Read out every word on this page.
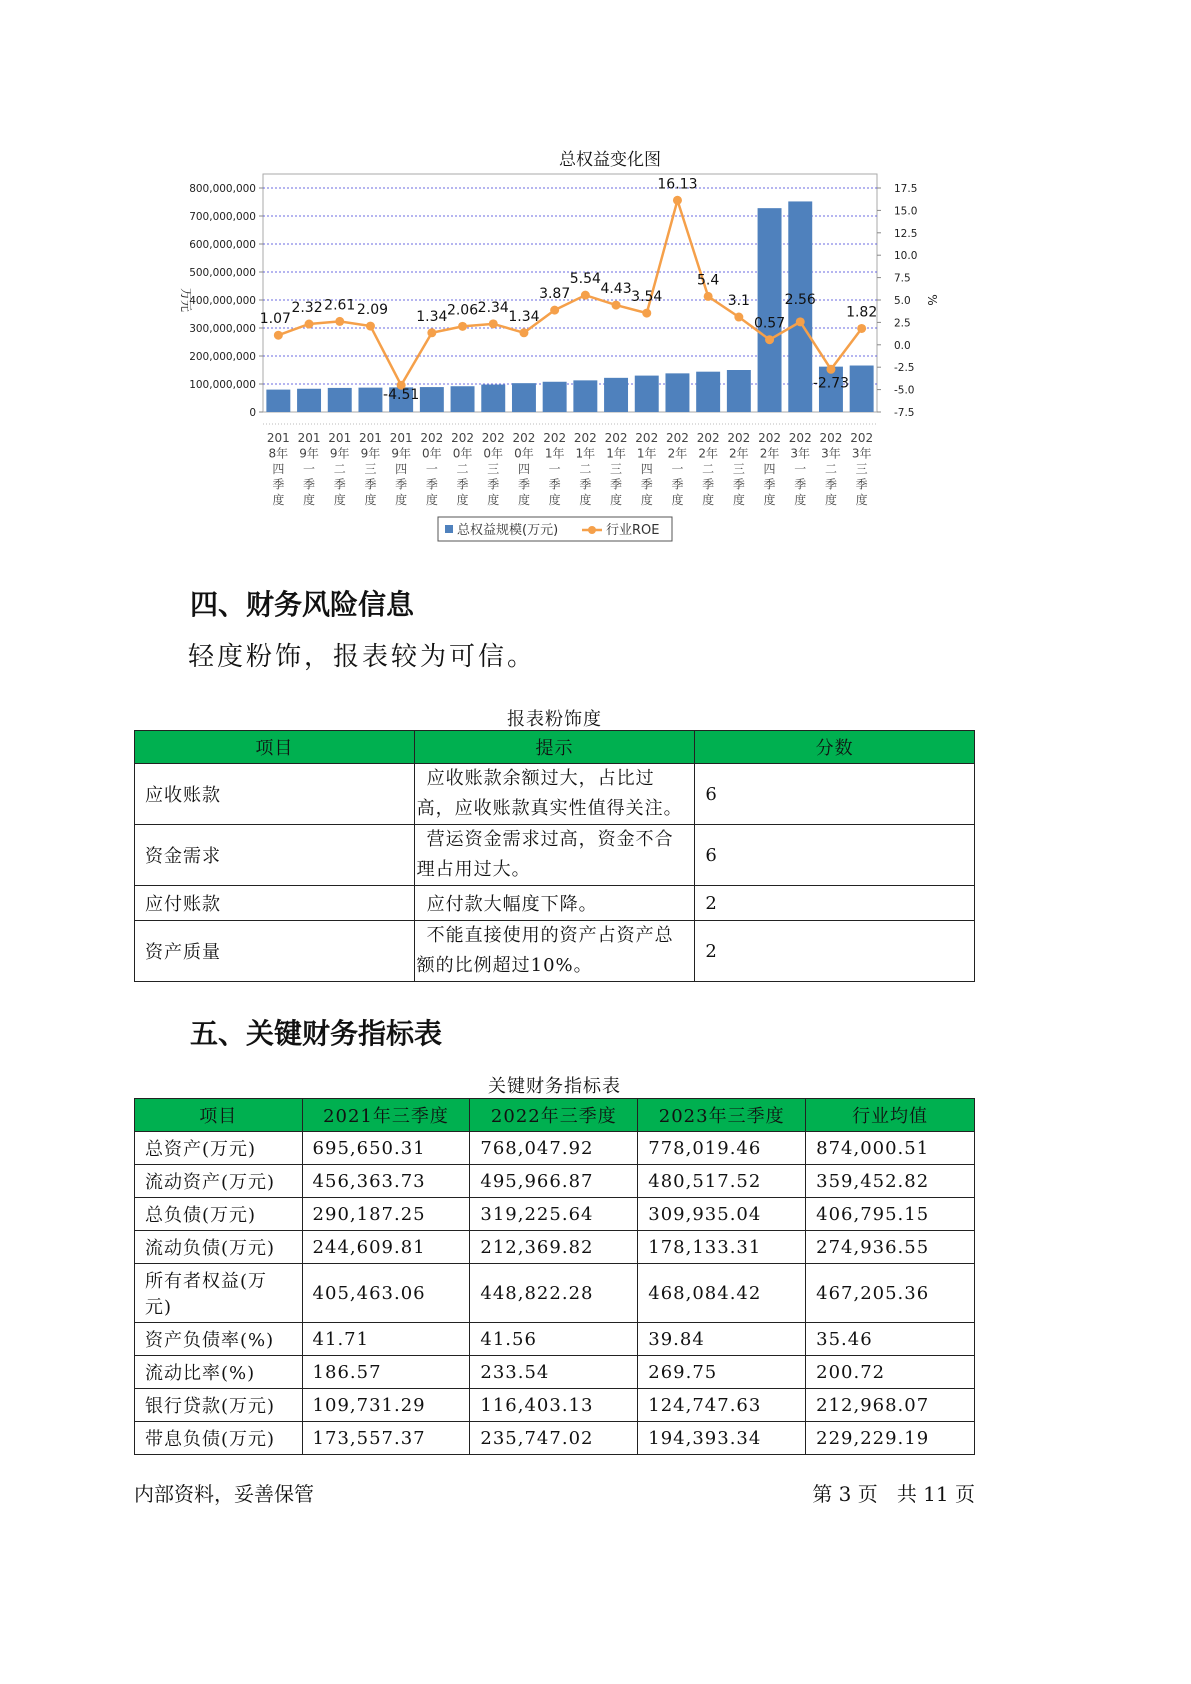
总权益变化图
0
100,000,000
200,000,000
300,000,000
400,000,000
500,000,000
600,000,000
700,000,000
800,000,000
-7.5
-5.0
-2.5
0.0
2.5
5.0
7.5
10.0
12.5
15.0
17.5
万元	%
201 8年四季度
201 9年一季度
201 9年二季度
201 9年三季度
201 9年四季度
202 0年一季度
202 0年二季度
202 0年三季度
202 0年四季度
202 1年一季度
202 1年二季度
202 1年三季度
202 1年四季度
202 2年一季度
202 2年二季度
202 2年三季度
202 2年四季度
202 3年一季度
202 3年二季度
202 3年三季度
1.07
2.32 2.61 2.09
-4.51
1.34 2.06 2.34
1.34
3.87
5.54
4.43 3.54
16.13
5.4
3.1
0.57
2.56
-2.73
1.82
总权益规模(万元)	行业ROE
四、财务风险信息
轻度粉饰，报表较为可信。
报表粉饰度
项目	提示	分数
应收账款	应收账款余额过大，占比过高，应收账款真实性值得关注。	6
资金需求	营运资金需求过高，资金不合理占用过大。	6
应付账款	应付款大幅度下降。	2
资产质量	不能直接使用的资产占资产总额的比例超过10%。	2
五、关键财务指标表
关键财务指标表
项目	2021年三季度	2022年三季度	2023年三季度	行业均值
总资产(万元)	695,650.31	768,047.92	778,019.46	874,000.51
流动资产(万元)	456,363.73	495,966.87	480,517.52	359,452.82
总负债(万元)	290,187.25	319,225.64	309,935.04	406,795.15
流动负债(万元)	244,609.81	212,369.82	178,133.31	274,936.55
所有者权益(万元)	405,463.06	448,822.28	468,084.42	467,205.36
资产负债率(%)	41.71	41.56	39.84	35.46
流动比率(%)	186.57	233.54	269.75	200.72
银行贷款(万元)	109,731.29	116,403.13	124,747.63	212,968.07
带息负债(万元)	173,557.37	235,747.02	194,393.34	229,229.19
内部资料，妥善保管	第 3 页   共 11 页
